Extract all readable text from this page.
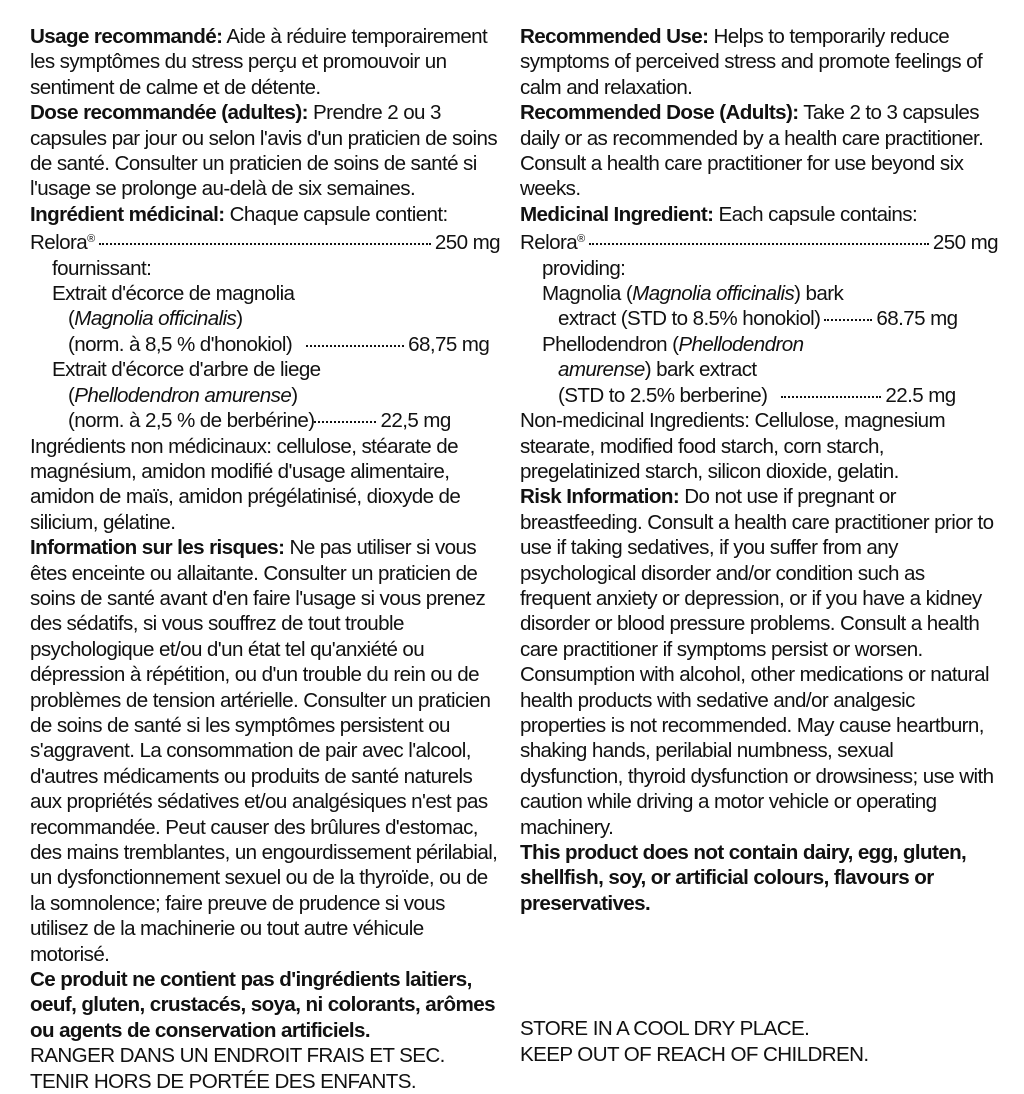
Usage recommandé: Aide à réduire temporairement les symptômes du stress perçu et promouvoir un sentiment de calme et de détente.

Dose recommandée (adultes): Prendre 2 ou 3 capsules par jour ou selon l'avis d'un praticien de soins de santé. Consulter un praticien de soins de santé si l'usage se prolonge au-delà de six semaines.

Ingrédient médicinal: Chaque capsule contient:

Relora®	250 mg

fournissant:

Extrait d'écorce de magnolia

(Magnolia officinalis)

(norm. à 8,5 % d'honokiol)	68,75 mg

Extrait d'écorce d'arbre de liege

(Phellodendron amurense)

(norm. à 2,5 % de berbérine)	22,5 mg

Ingrédients non médicinaux: cellulose, stéarate de magnésium, amidon modifié d'usage alimentaire, amidon de maïs, amidon prégélatinisé, dioxyde de silicium, gélatine.

Information sur les risques: Ne pas utiliser si vous êtes enceinte ou allaitante. Consulter un praticien de soins de santé avant d'en faire l'usage si vous prenez des sédatifs, si vous souffrez de tout trouble psychologique et/ou d'un état tel qu'anxiété ou dépression à répétition, ou d'un trouble du rein ou de problèmes de tension artérielle. Consulter un praticien de soins de santé si les symptômes persistent ou s'aggravent. La consommation de pair avec l'alcool, d'autres médicaments ou produits de santé naturels aux propriétés sédatives et/ou analgésiques n'est pas recommandée. Peut causer des brûlures d'estomac, des mains tremblantes, un engourdissement périlabial, un dysfonctionnement sexuel ou de la thyroïde, ou de la somnolence; faire preuve de prudence si vous utilisez de la machinerie ou tout autre véhicule motorisé.

Ce produit ne contient pas d'ingrédients laitiers, oeuf, gluten, crustacés, soya, ni colorants, arômes ou agents de conservation artificiels.

RANGER DANS UN ENDROIT FRAIS ET SEC.

TENIR HORS DE PORTÉE DES ENFANTS.

Recommended Use: Helps to temporarily reduce symptoms of perceived stress and promote feelings of calm and relaxation.

Recommended Dose (Adults): Take 2 to 3 capsules daily or as recommended by a health care practitioner. Consult a health care practitioner for use beyond six weeks.

Medicinal Ingredient: Each capsule contains:

Relora®	250 mg

providing:

Magnolia (Magnolia officinalis) bark

extract (STD to 8.5% honokiol)	68.75 mg

Phellodendron (Phellodendron

amurense) bark extract

(STD to 2.5% berberine)	22.5 mg

Non-medicinal Ingredients: Cellulose, magnesium stearate, modified food starch, corn starch, pregelatinized starch, silicon dioxide, gelatin.

Risk Information: Do not use if pregnant or breastfeeding. Consult a health care practitioner prior to use if taking sedatives, if you suffer from any psychological disorder and/or condition such as frequent anxiety or depression, or if you have a kidney disorder or blood pressure problems. Consult a health care practitioner if symptoms persist or worsen. Consumption with alcohol, other medications or natural health products with sedative and/or analgesic properties is not recommended. May cause heartburn, shaking hands, perilabial numbness, sexual dysfunction, thyroid dysfunction or drowsiness; use with caution while driving a motor vehicle or operating machinery.

This product does not contain dairy, egg, gluten, shellfish, soy, or artificial colours, flavours or preservatives.

STORE IN A COOL DRY PLACE.

KEEP OUT OF REACH OF CHILDREN.
